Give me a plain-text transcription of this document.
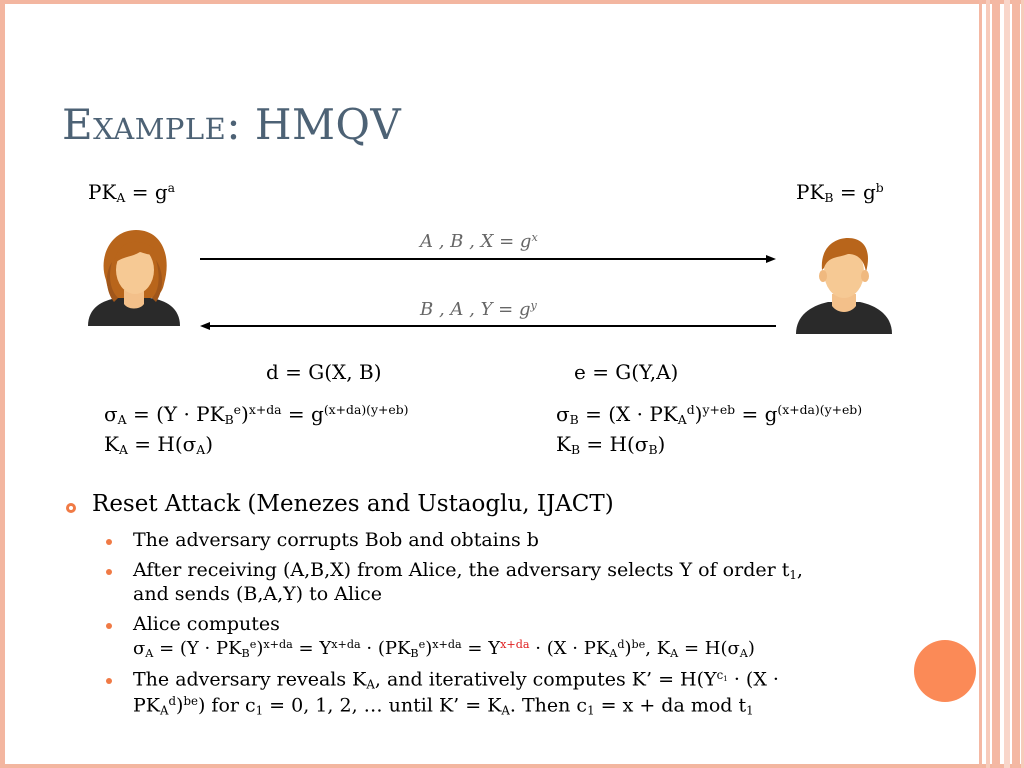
Example: HMQV
$PK_A = g^a$	$PK_B = g^b$
A , B , $X = g^x$
B , A , $Y = g^y$
d = G(X, B)	e = G(Y,A)
$\sigma_A = (Y \cdot PK_B^e)^{x+da} = g^{(x+da)(y+eb)}$
$K_A = H(\sigma_A)$
$\sigma_B = (X \cdot PK_A^d)^{y+eb} = g^{(x+da)(y+eb)}$
$K_B = H(\sigma_B)$
Reset Attack (Menezes and Ustaoglu, IJACT)
The adversary corrupts Bob and obtains b
After receiving (A,B,X) from Alice, the adversary selects Y of order $t_1$,
and sends (B,A,Y) to Alice
Alice computes
$\sigma_A = (Y \cdot PK_B^e)^{x+da} = Y^{x+da} \cdot (PK_B^e)^{x+da} = Y^{x+da} \cdot (X \cdot PK_A^d)^{be}$, $K_A = H(\sigma_A)$
The adversary reveals $K_A$, and iteratively computes K’ = $H(Y^{c_1} \cdot (X$ ·
$PK_A^d)^{be}$) for $c_1 = 0$, 1, 2, … until K’ = $K_A$. Then $c_1 = x$ + da mod $t_1$
